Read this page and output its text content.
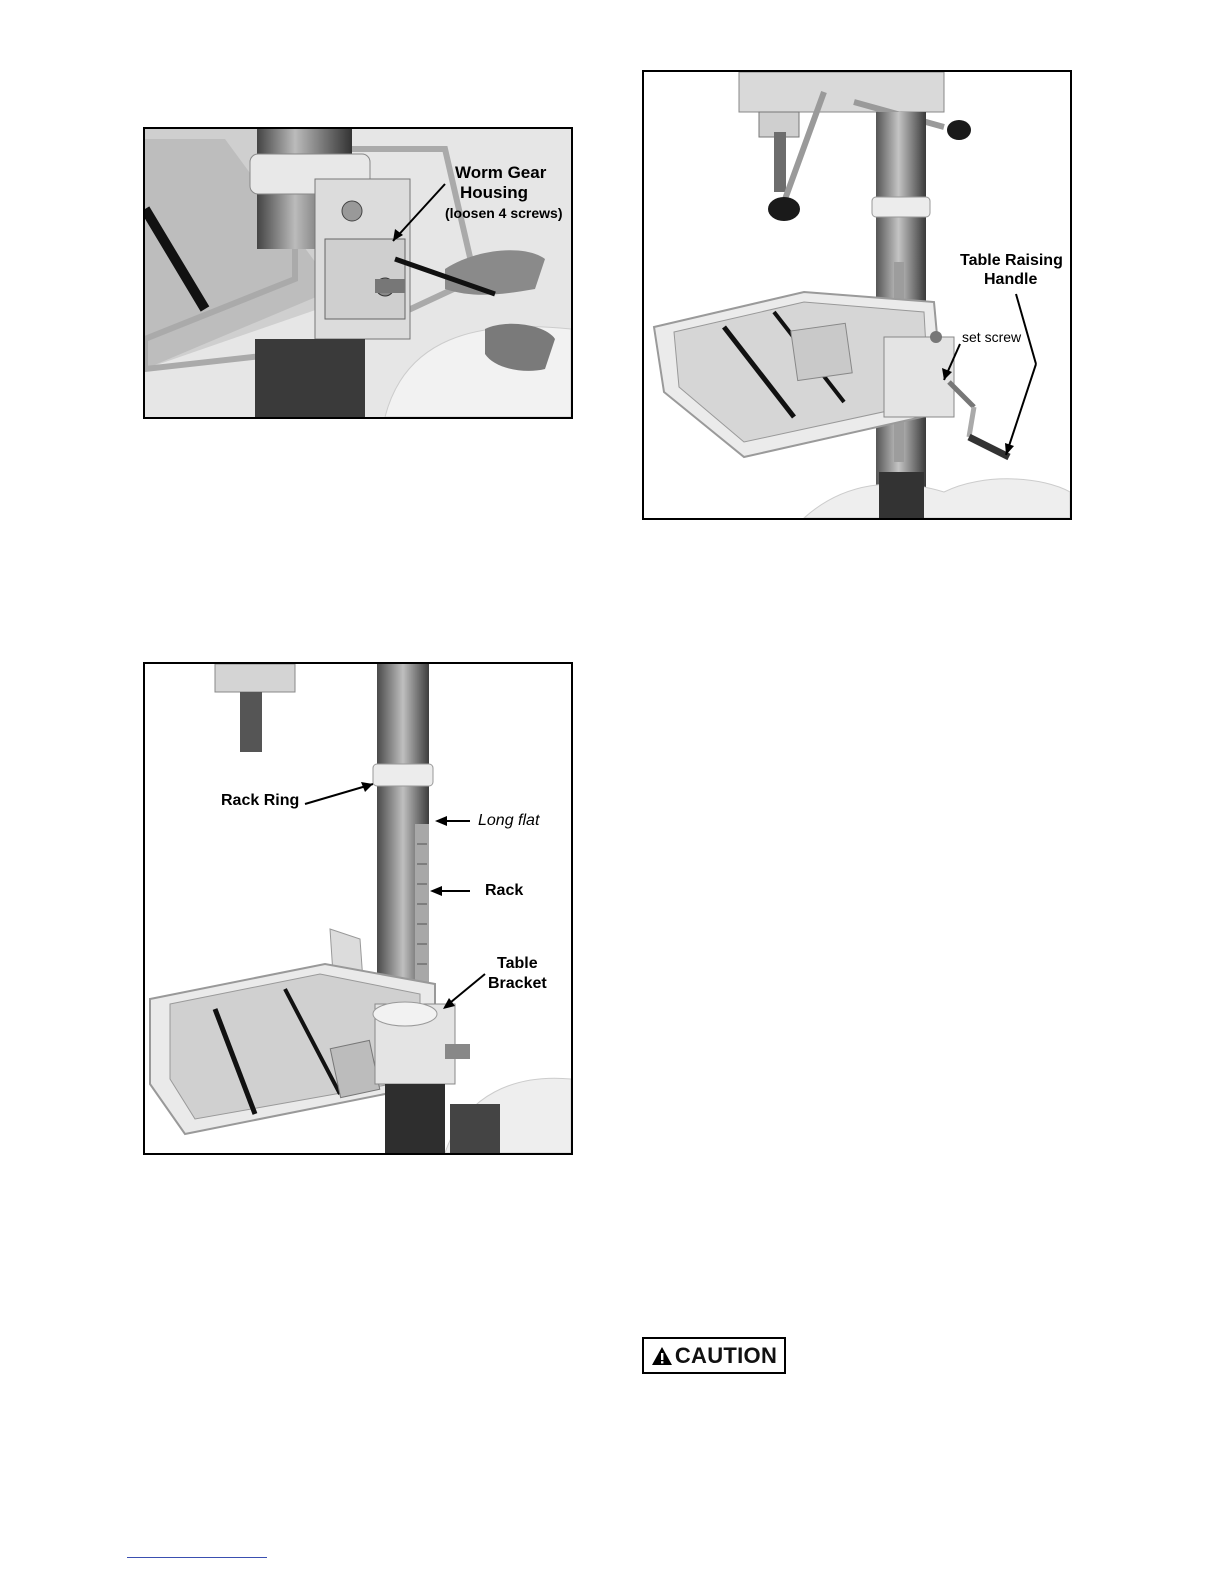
Worm Gear
Housing
(loosen 4 screws)
Table Raising
Handle
set screw
Rack Ring
Long flat
Rack
Table
Bracket
CAUTION
